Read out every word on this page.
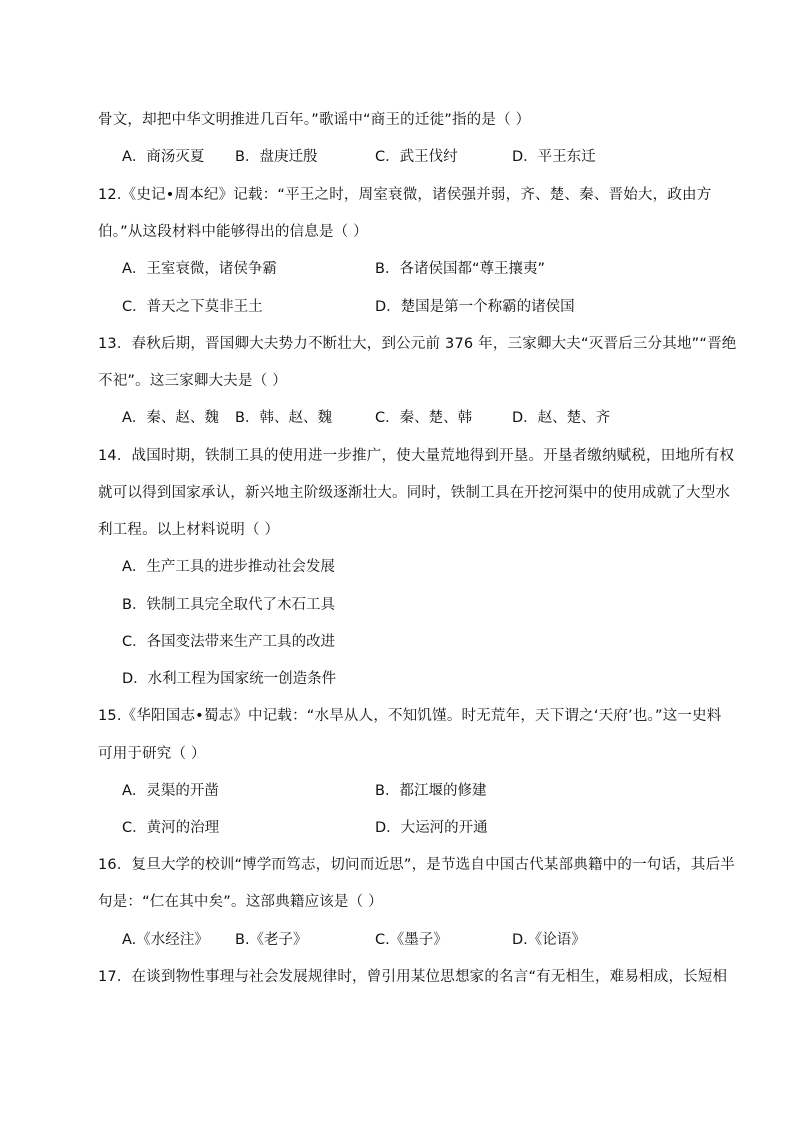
骨文，却把中华文明推进几百年。”歌谣中“商王的迁徙”指的是（ ）
A．商汤灭夏 B．盘庚迁殷	C．武王伐纣	D．平王东迁
12.《史记•周本纪》记载：“平王之时，周室衰微，诸侯强并弱，齐、楚、秦、晋始大，政由方
伯。”从这段材料中能够得出的信息是（ ）
A．王室衰微，诸侯争霸	B．各诸侯国都“尊王攘夷”
C．普天之下莫非王土	D．楚国是第一个称霸的诸侯国
13．春秋后期，晋国卿大夫势力不断壮大，到公元前 376 年，三家卿大夫“灭晋后三分其地”“晋绝
不祀”。这三家卿大夫是（ ）
A．秦、赵、魏 B．韩、赵、魏	C．秦、楚、韩	D．赵、楚、齐
14．战国时期，铁制工具的使用进一步推广，使大量荒地得到开垦。开垦者缴纳赋税，田地所有权
就可以得到国家承认，新兴地主阶级逐渐壮大。同时，铁制工具在开挖河渠中的使用成就了大型水
利工程。以上材料说明（ ）
A．生产工具的进步推动社会发展
B．铁制工具完全取代了木石工具
C．各国变法带来生产工具的改进
D．水利工程为国家统一创造条件
15.《华阳国志•蜀志》中记载：“水旱从人，不知饥馑。时无荒年，天下谓之‘天府’也。”这一史料
可用于研究（ ）
A．灵渠的开凿	B．都江堰的修建
C．黄河的治理	D．大运河的开通
16．复旦大学的校训“博学而笃志，切问而近思”，是节选自中国古代某部典籍中的一句话，其后半
句是：“仁在其中矣”。这部典籍应该是（ ）
A.《水经注》 B.《老子》	C.《墨子》	D.《论语》
17．在谈到物性事理与社会发展规律时，曾引用某位思想家的名言“有无相生，难易相成，长短相
